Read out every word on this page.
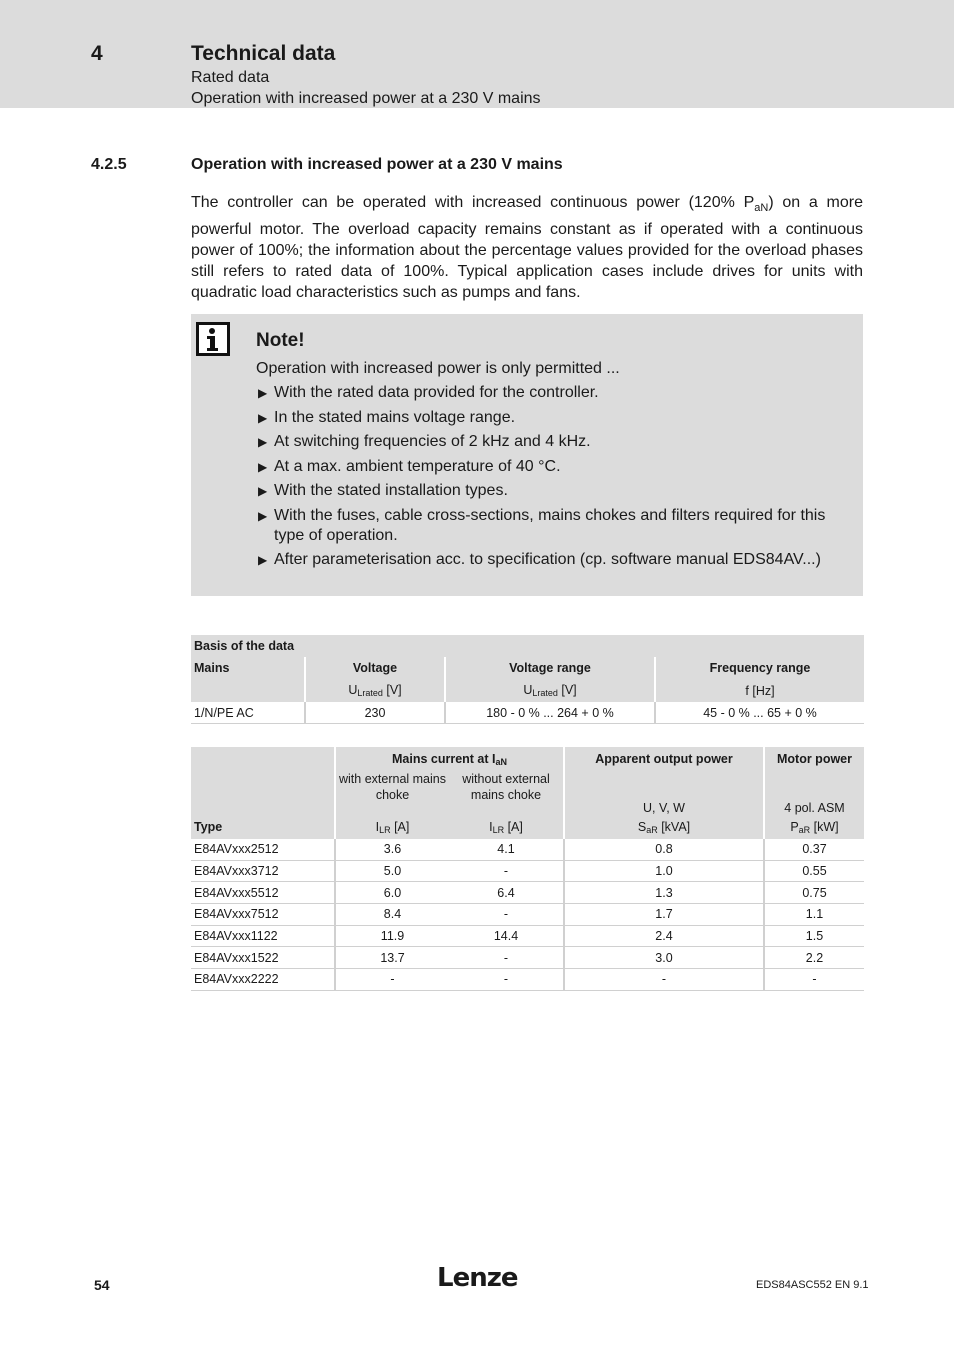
4	Technical data
Rated data
Operation with increased power at a 230 V mains
4.2.5	Operation with increased power at a 230 V mains
The controller can be operated with increased continuous power (120% $P_{aN}$) on a more powerful motor. The overload capacity remains constant as if operated with a continuous power of 100%; the information about the percentage values provided for the overload phases still refers to rated data of 100%. Typical application cases include drives for units with quadratic load characteristics such as pumps and fans.
Note!
Operation with increased power is only permitted ...
▶ With the rated data provided for the controller.
▶ In the stated mains voltage range.
▶ At switching frequencies of 2 kHz and 4 kHz.
▶ At a max. ambient temperature of 40 °C.
▶ With the stated installation types.
▶ With the fuses, cable cross-sections, mains chokes and filters required for this type of operation.
▶ After parameterisation acc. to specification (cp. software manual EDS84AV...)
Basis of the data			
Mains	Voltage	Voltage range	Frequency range
	$U_{Lrated}$ [V]	$U_{Lrated}$ [V]	f [Hz]
1/N/PE AC	230	180 - 0 % ... 264 + 0 %	45 - 0 % ... 65 + 0 %
	Mains current at $I_{aN}$		Apparent output power	Motor power
	with external mains choke	without external mains choke	U, V, W	4 pol. ASM
Type	$I_{LR}$ [A]	$I_{LR}$ [A]	$S_{aR}$ [kVA]	$P_{aR}$ [kW]
E84AVxxx2512	3.6	4.1	0.8	0.37
E84AVxxx3712	5.0	-	1.0	0.55
E84AVxxx5512	6.0	6.4	1.3	0.75
E84AVxxx7512	8.4	-	1.7	1.1
E84AVxxx1122	11.9	14.4	2.4	1.5
E84AVxxx1522	13.7	-	3.0	2.2
E84AVxxx2222	-	-	-	-
54	Lenze	EDS84ASC552 EN 9.1
